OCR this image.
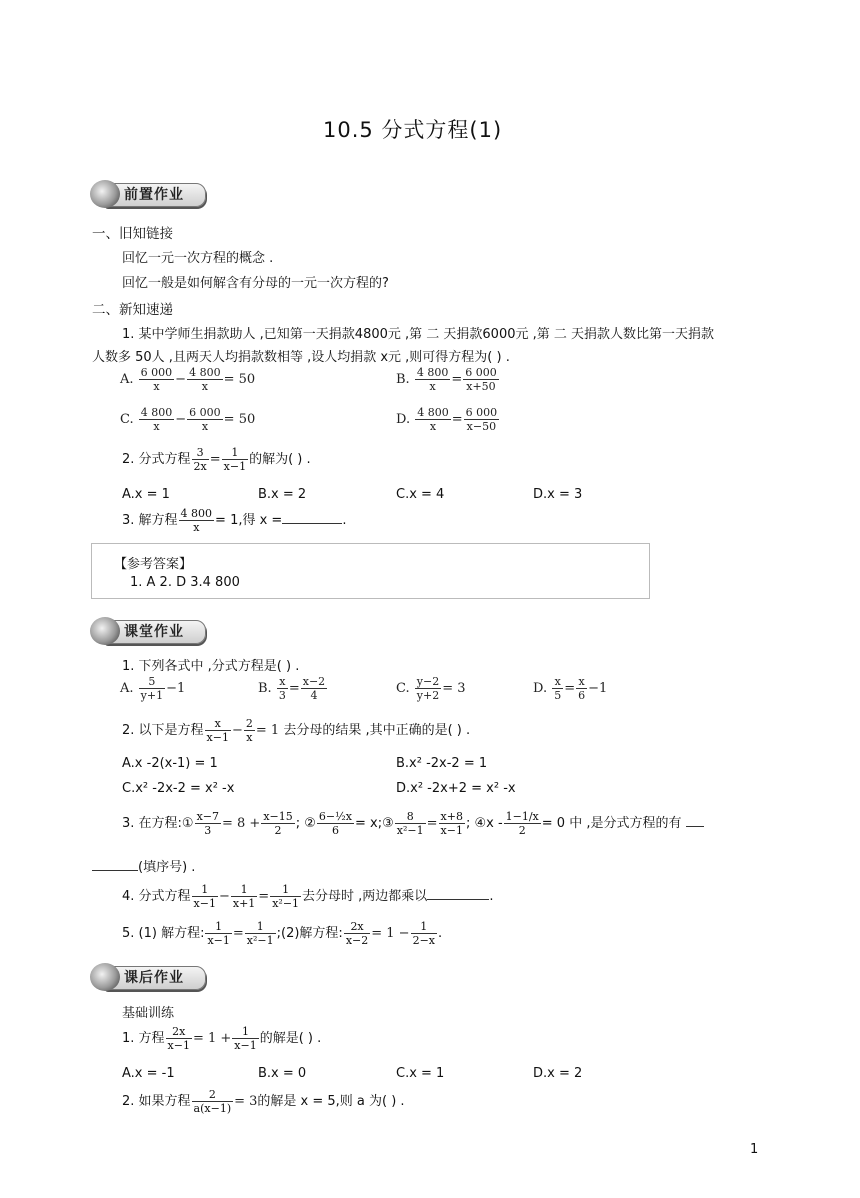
10.5 分式方程(1)
前置作业
一、旧知链接
回忆一元一次方程的概念 .
回忆一般是如何解含有分母的一元一次方程的?
二、新知速递
1. 某中学师生捐款助人 ,已知第一天捐款4800元 ,第 二 天捐款6000元 ,第 二 天捐款人数比第一天捐款
人数多 50人 ,且两天人均捐款数相等 ,设人均捐款 x元 ,则可得方程为( ) .
A. $\frac{6 000}{x} - \frac{4 800}{x} = 50$	B. $\frac{4 800}{x} = \frac{6 000}{x+50}$
C. $\frac{4 800}{x} - \frac{6 000}{x} = 50$	D. $\frac{4 800}{x} = \frac{6 000}{x-50}$
2. 分式方程 $\frac{3}{2x} = \frac{1}{x-1}$ 的解为( ) .
A.x = 1	B.x = 2	C.x = 4	D.x = 3
3. 解方程 $\frac{4 800}{x} = 1$,得 x =	.
【参考答案】
1. A 2. D 3.4 800
课堂作业
1. 下列各式中 ,分式方程是( ) .
A. $\frac{5}{y+1} -1$	B. $\frac{x}{3} = \frac{x-2}{4}$	C. $\frac{y-2}{y+2} = 3$	D. $\frac{x}{5} = \frac{x}{6} -1$
2. 以下是方程 $\frac{x}{x-1} - \frac{2}{x} = 1$ 去分母的结果 ,其中正确的是( ) .
A.x -2(x-1) = 1	B.x² -2x-2 = 1
C.x² -2x-2 = x² -x	D.x² -2x+2 = x² -x
3. 在方程:① $\frac{x-7}{3} = 8 + \frac{x-15}{2}$ ; ② $\frac{\text{6−½x}}{6}$ = x;③ $\frac{8}{\text{x²−1}} = \frac{x+8}{x-1}$ ; ④x - $\frac{1-1/x}{2} = 0$ 中 ,是分式方程的有
(填序号) .
4. 分式方程 $\frac{1}{x-1} - \frac{1}{x+1} = \frac{1}{\text{x²−1}}$ 去分母时 ,两边都乘以	.
5. (1) 解方程: $\frac{1}{x-1} = \frac{1}{\text{x²−1}}$ ;(2)解方程: $\frac{2x}{x-2} = 1 - \frac{1}{2-x}$ .
课后作业
基础训练
1. 方程 $\frac{2x}{x-1} = 1 + \frac{1}{x-1}$ 的解是( ) .
A.x = -1	B.x = 0	C.x = 1	D.x = 2
2. 如果方程 $\frac{2}{a(x-1)} = 3$的解是 x = 5,则 a 为( ) .
1
